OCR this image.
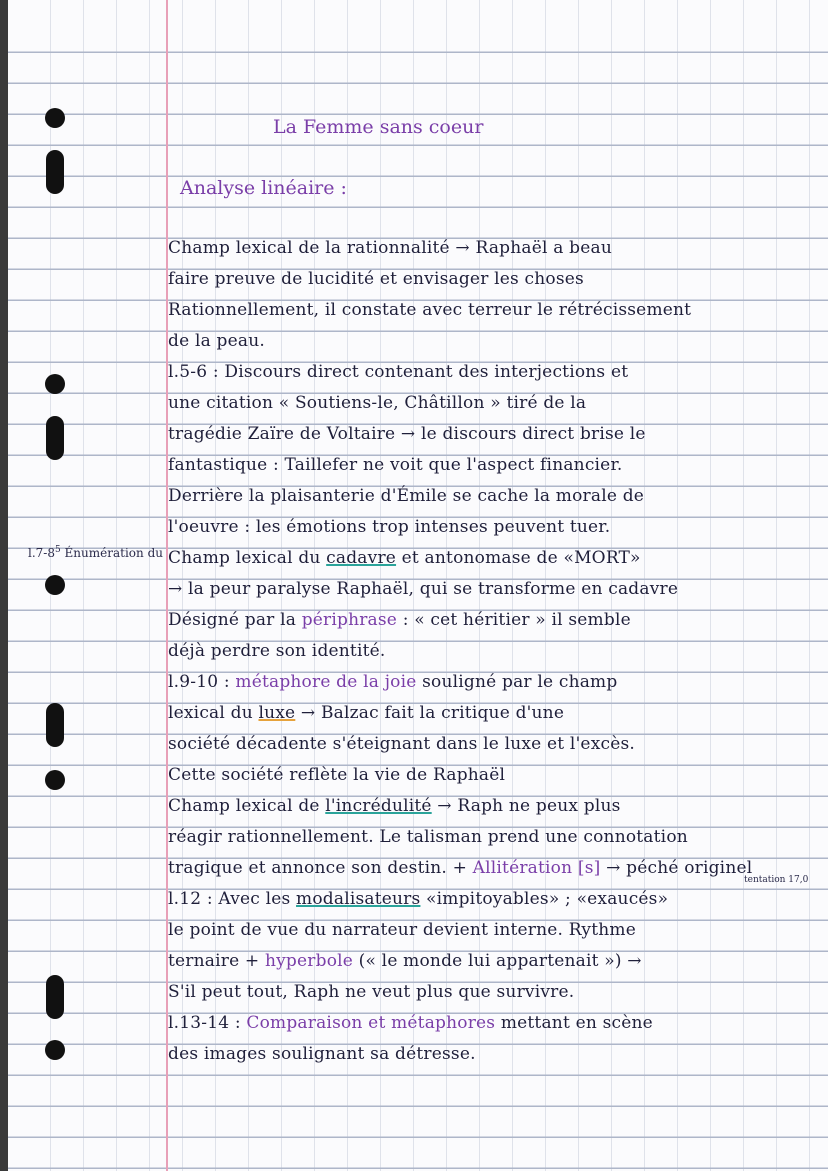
La Femme sans coeur
Analyse linéaire :
$l.7-8^5$ Énumération du
Champ lexical de la rationnalité → Raphaël a beau
faire preuve de lucidité et envisager les choses
Rationnellement, il constate avec terreur le rétrécissement
de la peau.
l.5-6 : Discours direct contenant des interjections et
une citation « Soutiens-le, Châtillon » tiré de la
tragédie Zaïre de Voltaire → le discours direct brise le
fantastique : Taillefer ne voit que l'aspect financier.
Derrière la plaisanterie d'Émile se cache la morale de
l'oeuvre : les émotions trop intenses peuvent tuer.
Champ lexical du cadavre et antonomase de «MORT»
→ la peur paralyse Raphaël, qui se transforme en cadavre
Désigné par la périphrase : « cet héritier » il semble
déjà perdre son identité.
l.9-10 : métaphore de la joie souligné par le champ
lexical du luxe → Balzac fait la critique d'une
société décadente s'éteignant dans le luxe et l'excès.
Cette société reflète la vie de Raphaël
Champ lexical de l'incrédulité → Raph ne peux plus
réagir rationnellement. Le talisman prend une connotation
tragique et annonce son destin. + Allitération [s] → péché originel
tentation 17,0
l.12 : Avec les modalisateurs «impitoyables» ; «exaucés»
le point de vue du narrateur devient interne. Rythme
ternaire + hyperbole (« le monde lui appartenait ») →
S'il peut tout, Raph ne veut plus que survivre.
l.13-14 : Comparaison et métaphores mettant en scène
des images soulignant sa détresse.
